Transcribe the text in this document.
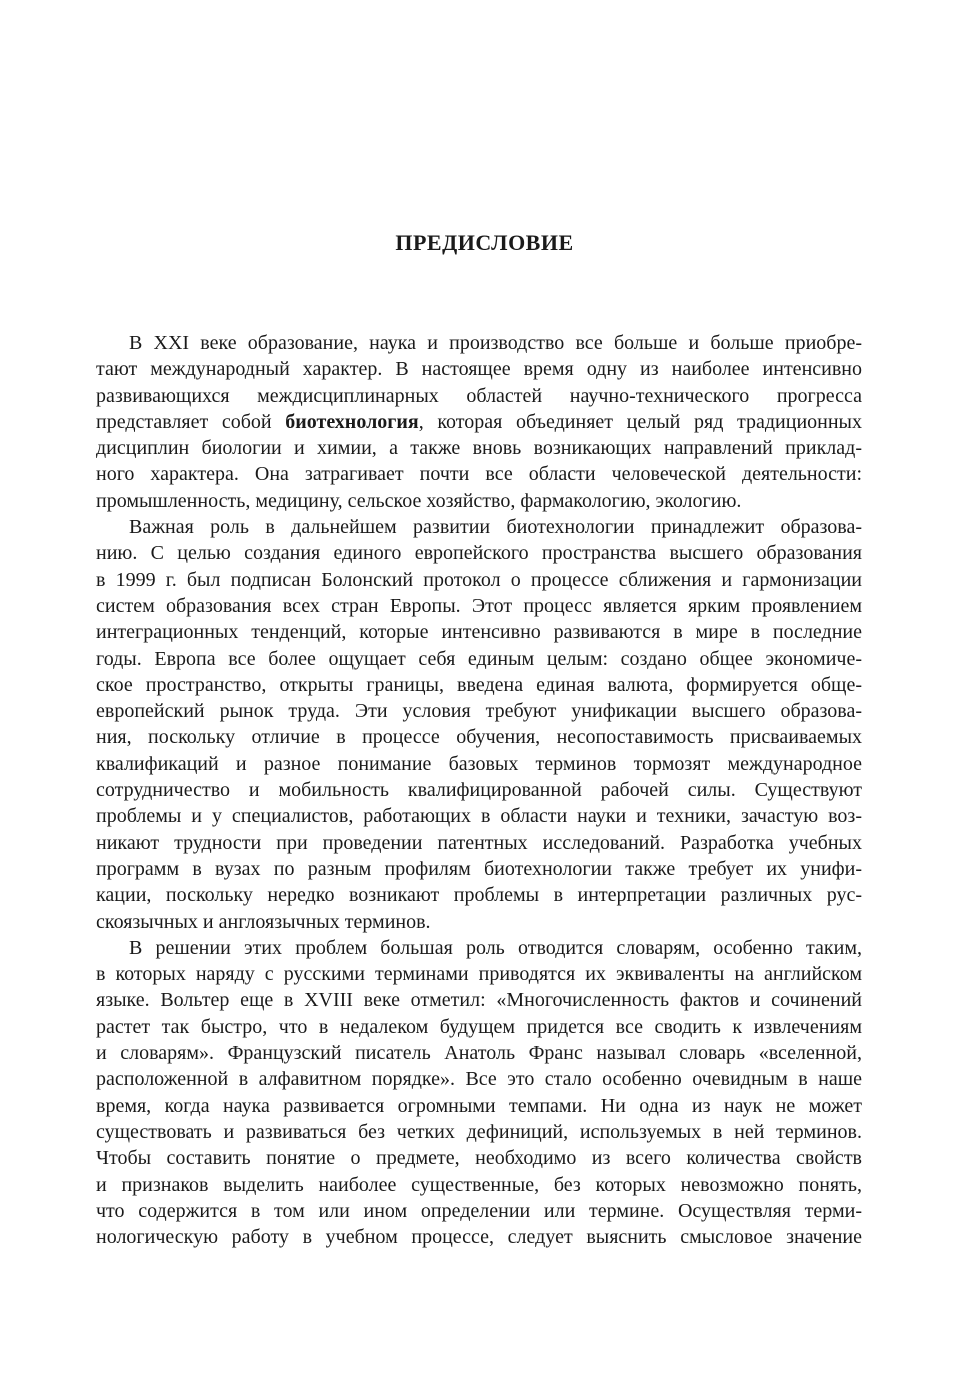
ПРЕДИСЛОВИЕ
В XXI веке образование, наука и производство все больше и больше приобре-
тают международный характер. В настоящее время одну из наиболее интенсивно
развивающихся междисциплинарных областей научно-технического прогресса
представляет собой биотехнология, которая объединяет целый ряд традиционных
дисциплин биологии и химии, а также вновь возникающих направлений приклад-
ного характера. Она затрагивает почти все области человеческой деятельности:
промышленность, медицину, сельское хозяйство, фармакологию, экологию.
Важная роль в дальнейшем развитии биотехнологии принадлежит образова-
нию. С целью создания единого европейского пространства высшего образования
в 1999 г. был подписан Болонский протокол о процессе сближения и гармонизации
систем образования всех стран Европы. Этот процесс является ярким проявлением
интеграционных тенденций, которые интенсивно развиваются в мире в последние
годы. Европа все более ощущает себя единым целым: создано общее экономиче-
ское пространство, открыты границы, введена единая валюта, формируется обще-
европейский рынок труда. Эти условия требуют унификации высшего образова-
ния, поскольку отличие в процессе обучения, несопоставимость присваиваемых
квалификаций и разное понимание базовых терминов тормозят международное
сотрудничество и мобильность квалифицированной рабочей силы. Существуют
проблемы и у специалистов, работающих в области науки и техники, зачастую воз-
никают трудности при проведении патентных исследований. Разработка учебных
программ в вузах по разным профилям биотехнологии также требует их унифи-
кации, поскольку нередко возникают проблемы в интерпретации различных рус-
скоязычных и англоязычных терминов.
В решении этих проблем большая роль отводится словарям, особенно таким,
в которых наряду с русскими терминами приводятся их эквиваленты на английском
языке. Вольтер еще в XVIII веке отметил: «Многочисленность фактов и сочинений
растет так быстро, что в недалеком будущем придется все сводить к извлечениям
и словарям». Французский писатель Анатоль Франс называл словарь «вселенной,
расположенной в алфавитном порядке». Все это стало особенно очевидным в наше
время, когда наука развивается огромными темпами. Ни одна из наук не может
существовать и развиваться без четких дефиниций, используемых в ней терминов.
Чтобы составить понятие о предмете, необходимо из всего количества свойств
и признаков выделить наиболее существенные, без которых невозможно понять,
что содержится в том или ином определении или термине. Осуществляя терми-
нологическую работу в учебном процессе, следует выяснить смысловое значение
